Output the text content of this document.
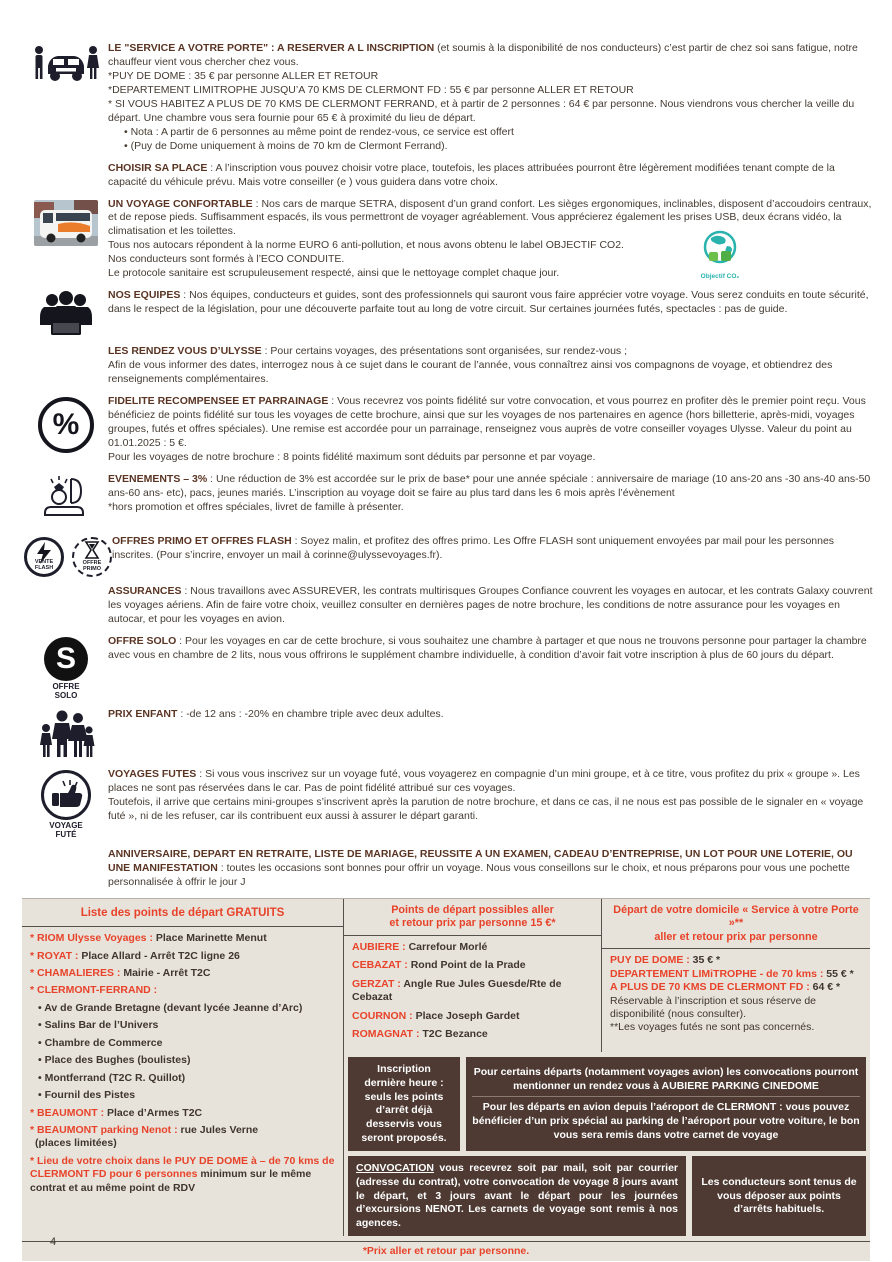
LE "SERVICE A VOTRE PORTE" : A RESERVER A L INSCRIPTION (et soumis à la disponibilité de nos conducteurs) c’est partir de chez soi sans fatigue, notre chauffeur vient vous chercher chez vous.

*PUY DE DOME : 35 € par personne ALLER ET RETOUR
*DEPARTEMENT LIMITROPHE JUSQU’A 70 KMS DE CLERMONT FD : 55 € par personne ALLER ET RETOUR
* SI VOUS HABITEZ A PLUS DE 70 KMS DE CLERMONT FERRAND, et à partir de 2 personnes : 64 € par personne. Nous viendrons vous chercher la veille du départ. Une chambre vous sera fournie pour 65 € à proximité du lieu de départ.
• Nota : A partir de 6 personnes au même point de rendez-vous, ce service est offert
• (Puy de Dome uniquement à moins de 70 km de Clermont Ferrand).

CHOISIR SA PLACE : A l’inscription vous pouvez choisir votre place, toutefois, les places attribuées pourront être légèrement modifiées tenant compte de la capacité du véhicule prévu. Mais votre conseiller (e ) vous guidera dans votre choix.

UN VOYAGE CONFORTABLE : Nos cars de marque SETRA, disposent d’un grand confort. Les sièges ergonomiques, inclinables, disposent d’accoudoirs centraux, et de repose pieds. Suffisamment espacés, ils vous permettront de voyager agréablement. Vous apprécierez également les prises USB, deux écrans vidéo, la climatisation et les toilettes.

Tous nos autocars répondent à la norme EURO 6 anti-pollution, et nous avons obtenu le label OBJECTIF CO2.
Nos conducteurs sont formés à l’ECO CONDUITE.
Le protocole sanitaire est scrupuleusement respecté, ainsi que le nettoyage complet chaque jour.	Objectif CO₂

NOS EQUIPES : Nos équipes, conducteurs et guides, sont des professionnels qui sauront vous faire apprécier votre voyage. Vous serez conduits en toute sécurité, dans le respect de la législation, pour une découverte parfaite tout au long de votre circuit. Sur certaines journées futés, spectacles : pas de guide.

LES RENDEZ VOUS D’ULYSSE : Pour certains voyages, des présentations sont organisées, sur rendez-vous ;

Afin de vous informer des dates, interrogez nous à ce sujet dans le courant de l’année, vous connaîtrez ainsi vos compagnons de voyage, et obtiendrez des renseignements complémentaires.
%

FIDELITE RECOMPENSEE ET PARRAINAGE : Vous recevrez vos points fidélité sur votre convocation, et vous pourrez en profiter dès le premier point reçu. Vous bénéficiez de points fidélité sur tous les voyages de cette brochure, ainsi que sur les voyages de nos partenaires en agence (hors billetterie, après-midi, voyages groupes, futés et offres spéciales). Une remise est accordée pour un parrainage, renseignez vous auprès de votre conseiller voyages Ulysse. Valeur du point au 01.01.2025 : 5 €.

Pour les voyages de notre brochure : 8 points fidélité maximum sont déduits par personne et par voyage.

EVENEMENTS – 3% : Une réduction de 3% est accordée sur le prix de base* pour une année spéciale : anniversaire de mariage (10 ans-20 ans -30 ans-40 ans-50 ans-60 ans- etc), pacs, jeunes mariés. L’inscription au voyage doit se faire au plus tard dans les 6 mois après l’évènement

*hors promotion et offres spéciales, livret de famille à présenter.
VENTE FLASH
OFFRE PRIMO

OFFRES PRIMO ET OFFRES FLASH : Soyez malin, et profitez des offres primo. Les Offre FLASH sont uniquement envoyées par mail pour les personnes inscrites. (Pour s’incrire, envoyer un mail à corinne@ulyssevoyages.fr).

ASSURANCES : Nous travaillons avec ASSUREVER, les contrats multirisques Groupes Confiance couvrent les voyages en autocar, et les contrats Galaxy couvrent les voyages aériens. Afin de faire votre choix, veuillez consulter en dernières pages de notre brochure, les conditions de notre assurance pour les voyages en autocar, et pour les voyages en avion.

S
OFFRE
SOLO

OFFRE SOLO : Pour les voyages en car de cette brochure, si vous souhaitez une chambre à partager et que nous ne trouvons personne pour partager la chambre avec vous en chambre de 2 lits, nous vous offrirons le supplément chambre individuelle, à condition d’avoir fait votre inscription à plus de 60 jours du départ.

PRIX ENFANT : -de 12 ans : -20% en chambre triple avec deux adultes.

VOYAGE
FUTÉ

VOYAGES FUTES : Si vous vous inscrivez sur un voyage futé, vous voyagerez en compagnie d’un mini groupe, et à ce titre, vous profitez du prix « groupe ». Les places ne sont pas réservées dans le car. Pas de point fidélité attribué sur ces voyages.

Toutefois, il arrive que certains mini-groupes s’inscrivent après la parution de notre brochure, et dans ce cas, il ne nous est pas possible de le signaler en « voyage futé », ni de les refuser, car ils contribuent eux aussi à assurer le départ garanti.

ANNIVERSAIRE, DEPART EN RETRAITE, LISTE DE MARIAGE, REUSSITE A UN EXAMEN, CADEAU D’ENTREPRISE, UN LOT POUR UNE LOTERIE, OU UNE MANIFESTATION : toutes les occasions sont bonnes pour offrir un voyage. Nous vous conseillons sur le choix, et nous préparons pour vous une pochette personnalisée à offrir le jour J

Liste des points de départ GRATUITS
* RIOM Ulysse Voyages : Place Marinette Menut
* ROYAT : Place Allard - Arrêt T2C ligne 26
* CHAMALIERES : Mairie - Arrêt T2C
* CLERMONT-FERRAND :
• Av de Grande Bretagne (devant lycée Jeanne d’Arc)
• Salins Bar de l’Univers
• Chambre de Commerce
• Place des Bughes (boulistes)
• Montferrand (T2C R. Quillot)
• Fournil des Pistes
* BEAUMONT : Place d’Armes T2C
* BEAUMONT parking Nenot : rue Jules Verne
(places limitées)
* Lieu de votre choix dans le PUY DE DOME à – de 70 kms de CLERMONT FD pour 6 personnes minimum sur le même contrat et au même point de RDV
Points de départ possibles aller
et retour prix par personne 15 €*
AUBIERE : Carrefour Morlé
CEBAZAT : Rond Point de la Prade
GERZAT : Angle Rue Jules Guesde/Rte de Cebazat
COURNON : Place Joseph Gardet
ROMAGNAT : T2C Bezance
Départ de votre domicile « Service à votre Porte »**
aller et retour prix par personne
PUY DE DOME : 35 € *
DEPARTEMENT LIMiTROPHE - de 70 kms : 55 € *
A PLUS DE 70 KMS DE CLERMONT FD : 64 € *
Réservable à l’inscription et sous réserve de disponibilité (nous consulter).
**Les voyages futés ne sont pas concernés.
Inscription dernière heure : seuls les points d’arrêt déjà desservis vous seront proposés.

Pour certains départs (notamment voyages avion) les convocations pourront mentionner un rendez vous à AUBIERE PARKING CINEDOME

Pour les départs en avion depuis l’aéroport de CLERMONT : vous pouvez bénéficier d’un prix spécial au parking de l’aéroport pour votre voiture, le bon vous sera remis dans votre carnet de voyage

CONVOCATION vous recevrez soit par mail, soit par courrier (adresse du contrat), votre convocation de voyage 8 jours avant le départ, et 3 jours avant le départ pour les journées d’excursions NENOT. Les carnets de voyage sont remis à nos agences.
Les conducteurs sont tenus de vous déposer aux points d’arrêts habituels.
*Prix aller et retour par personne.
4
